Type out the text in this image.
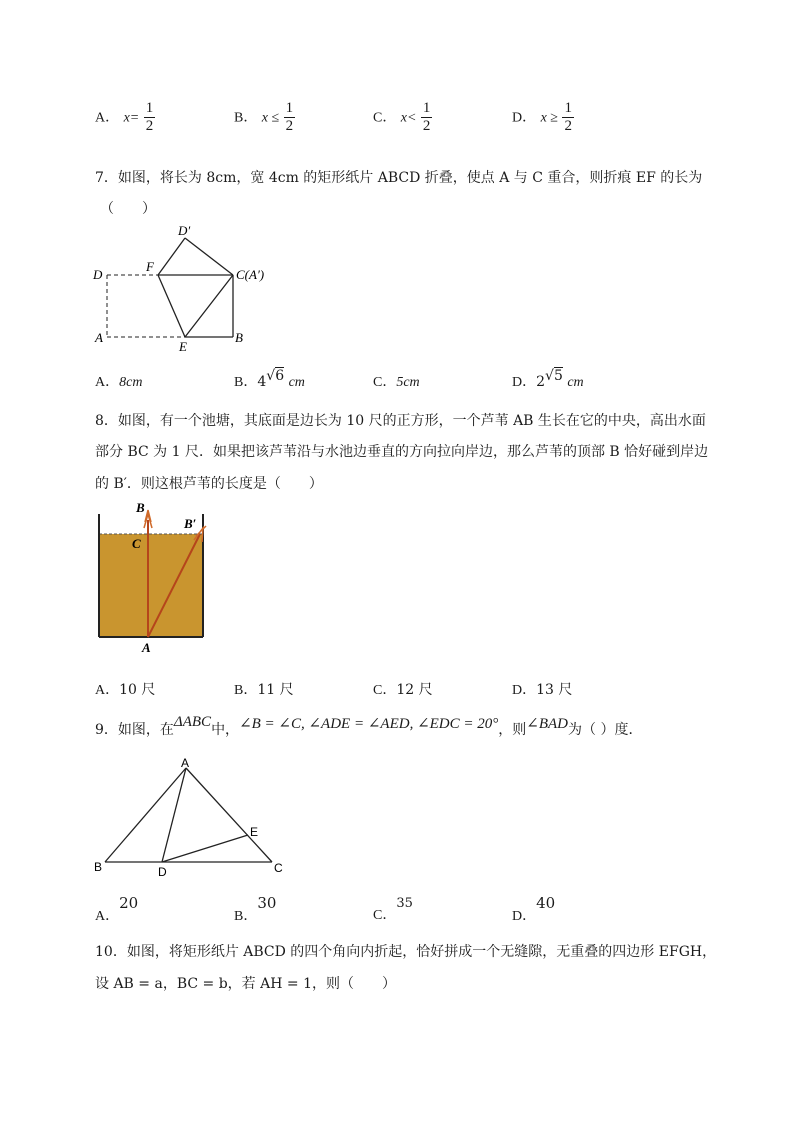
A． $x= \frac{1}{2}$	B． $x \le \frac{1}{2}$	C． $x< \frac{1}{2}$	D． $x \ge \frac{1}{2}$
7．如图，将长为 8cm，宽 4cm 的矩形纸片 ABCD 折叠，使点 A 与 C 重合，则折痕 EF 的长为
（　　）
D′
D
F
C(A′)
A
E
B
A．8cm	B．4√6 cm	C．5cm	D．2√5 cm
8．如图，有一个池塘，其底面是边长为 10 尺的正方形，一个芦苇 AB 生长在它的中央，高出水面
部分 BC 为 1 尺．如果把该芦苇沿与水池边垂直的方向拉向岸边，那么芦苇的顶部 B 恰好碰到岸边
的 B′．则这根芦苇的长度是（　　）
B
B′
C
A
A．10 尺	B．11 尺	C．12 尺	D．13 尺
9．如图，在ΔABC中，∠B = ∠C, ∠ADE = ∠AED, ∠EDC = 20°，则∠BAD为（ ）度．
A
B	C
D
E
A．20
B．30
C．35
D．40
10．如图，将矩形纸片 ABCD 的四个角向内折起，恰好拼成一个无缝隙，无重叠的四边形 EFGH，
设 AB = a，BC = b，若 AH = 1，则（　　）
